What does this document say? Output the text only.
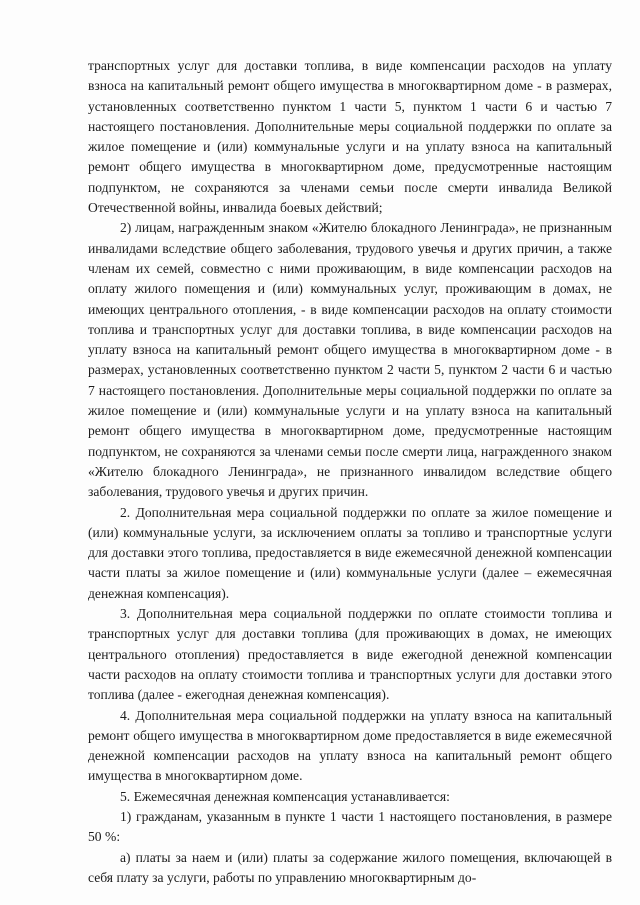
транспортных услуг для доставки топлива, в виде компенсации расходов на уплату взноса на капитальный ремонт общего имущества в многоквартирном доме - в размерах, установленных соответственно пунктом 1 части 5, пунктом 1 части 6 и частью 7 настоящего постановления. Дополнительные меры социальной поддержки по оплате за жилое помещение и (или) коммунальные услуги и на уплату взноса на капитальный ремонт общего имущества в многоквартирном доме, предусмотренные настоящим подпунктом, не сохраняются за членами семьи после смерти инвалида Великой Отечественной войны, инвалида боевых действий;

2) лицам, награжденным знаком «Жителю блокадного Ленинграда», не признанным инвалидами вследствие общего заболевания, трудового увечья и других причин, а также членам их семей, совместно с ними проживающим, в виде компенсации расходов на оплату жилого помещения и (или) коммунальных услуг, проживающим в домах, не имеющих центрального отопления, - в виде компенсации расходов на оплату стоимости топлива и транспортных услуг для доставки топлива, в виде компенсации расходов на уплату взноса на капитальный ремонт общего имущества в многоквартирном доме - в размерах, установленных соответственно пунктом 2 части 5, пунктом 2 части 6 и частью 7 настоящего постановления. Дополнительные меры социальной поддержки по оплате за жилое помещение и (или) коммунальные услуги и на уплату взноса на капитальный ремонт общего имущества в многоквартирном доме, предусмотренные настоящим подпунктом, не сохраняются за членами семьи после смерти лица, награжденного знаком «Жителю блокадного Ленинграда», не признанного инвалидом вследствие общего заболевания, трудового увечья и других причин.

2. Дополнительная мера социальной поддержки по оплате за жилое помещение и (или) коммунальные услуги, за исключением оплаты за топливо и транспортные услуги для доставки этого топлива, предоставляется в виде ежемесячной денежной компенсации части платы за жилое помещение и (или) коммунальные услуги (далее – ежемесячная денежная компенсация).

3. Дополнительная мера социальной поддержки по оплате стоимости топлива и транспортных услуг для доставки топлива (для проживающих в домах, не имеющих центрального отопления) предоставляется в виде ежегодной денежной компенсации части расходов на оплату стоимости топлива и транспортных услуги для доставки этого топлива (далее - ежегодная денежная компенсация).

4. Дополнительная мера социальной поддержки на уплату взноса на капитальный ремонт общего имущества в многоквартирном доме предоставляется в виде ежемесячной денежной компенсации расходов на уплату взноса на капитальный ремонт общего имущества в многоквартирном доме.

5. Ежемесячная денежная компенсация устанавливается:

1) гражданам, указанным в пункте 1 части 1 настоящего постановления, в размере 50 %:

а) платы за наем и (или) платы за содержание жилого помещения, включающей в себя плату за услуги, работы по управлению многоквартирным до-
